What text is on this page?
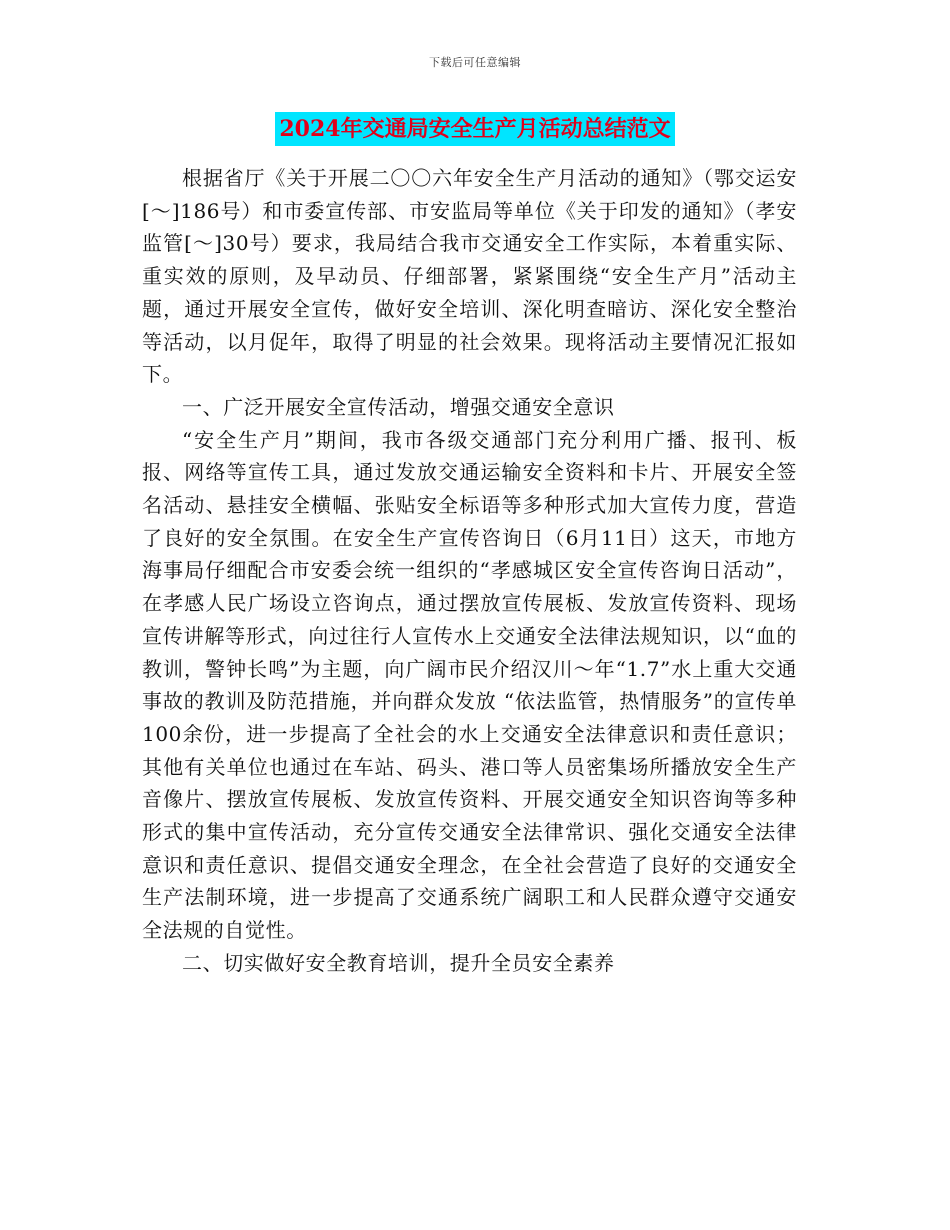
下载后可任意编辑
2024年交通局安全生产月活动总结范文

根据省厅《关于开展二〇〇六年安全生产月活动的通知》（鄂交运安[～]186号）和市委宣传部、市安监局等单位《关于印发的通知》（孝安监管[～]30号）要求，我局结合我市交通安全工作实际，本着重实际、重实效的原则，及早动员、仔细部署，紧紧围绕“安全生产月”活动主题，通过开展安全宣传，做好安全培训、深化明查暗访、深化安全整治等活动，以月促年，取得了明显的社会效果。现将活动主要情况汇报如下。

一、广泛开展安全宣传活动，增强交通安全意识

“安全生产月”期间，我市各级交通部门充分利用广播、报刊、板报、网络等宣传工具，通过发放交通运输安全资料和卡片、开展安全签名活动、悬挂安全横幅、张贴安全标语等多种形式加大宣传力度，营造了良好的安全氛围。在安全生产宣传咨询日（6月11日）这天，市地方海事局仔细配合市安委会统一组织的“孝感城区安全宣传咨询日活动”，在孝感人民广场设立咨询点，通过摆放宣传展板、发放宣传资料、现场宣传讲解等形式，向过往行人宣传水上交通安全法律法规知识，以“血的教训，警钟长鸣”为主题，向广阔市民介绍汉川～年“1.7”水上重大交通事故的教训及防范措施，并向群众发放 “依法监管，热情服务”的宣传单100余份，进一步提高了全社会的水上交通安全法律意识和责任意识；其他有关单位也通过在车站、码头、港口等人员密集场所播放安全生产音像片、摆放宣传展板、发放宣传资料、开展交通安全知识咨询等多种形式的集中宣传活动，充分宣传交通安全法律常识、强化交通安全法律意识和责任意识、提倡交通安全理念，在全社会营造了良好的交通安全生产法制环境，进一步提高了交通系统广阔职工和人民群众遵守交通安全法规的自觉性。

二、切实做好安全教育培训，提升全员安全素养
